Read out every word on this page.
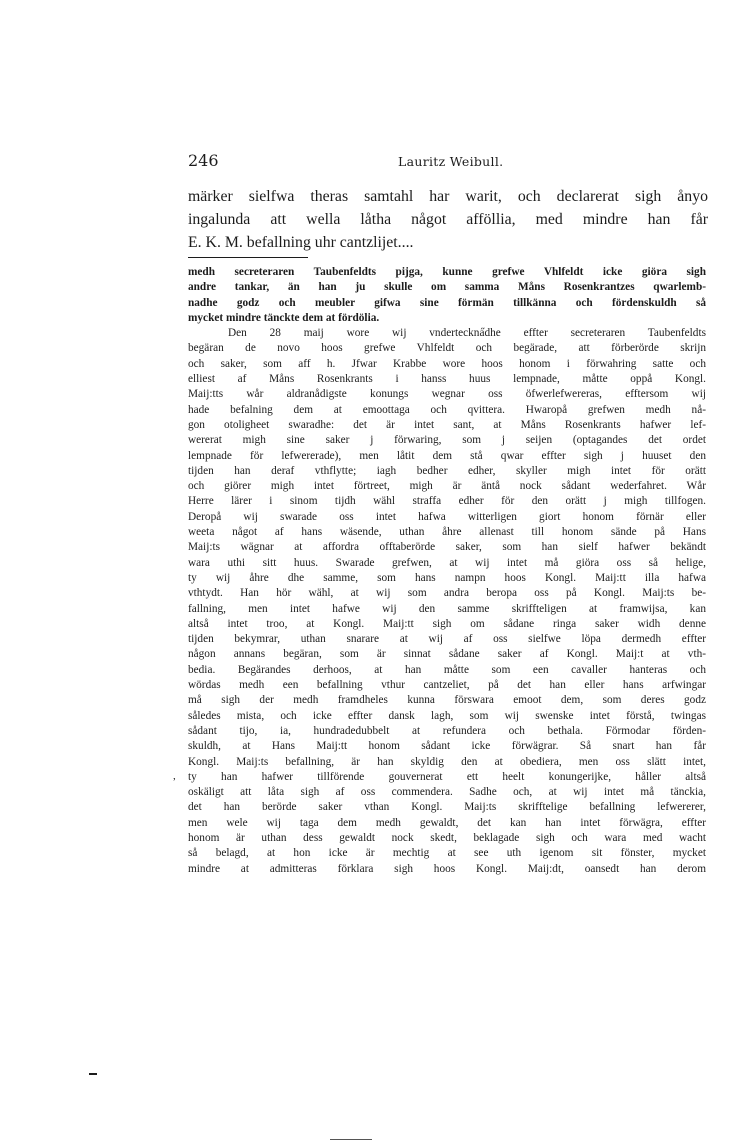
246	Lauritz Weibull.
märker sielfwa theras samtahl har warit, och declarerat sigh ånyo
ingalunda att wella låtha något afföllia, med mindre han får
E. K. M. befallning uhr cantzlijet....
medh secreteraren Taubenfeldts pijga, kunne grefwe Vhlfeldt icke giöra sigh
andre tankar, än han ju skulle om samma Måns Rosenkrantzes qwarlemb-
nadhe godz och meubler gifwa sine förmän tillkänna och fördenskuldh så
mycket mindre tänckte dem at fördölia.
Den 28 maij wore wij vnderteckna̋dhe effter secreteraren Taubenfeldts
begäran de novo hoos grefwe Vhlfeldt och begärade, att förberörde skrijn
och saker, som aff h. Jfwar Krabbe wore hoos honom i förwahring satte och
elliest af Måns Rosenkrants i hanss huus lempnade, måtte oppå Kongl.
Maij:tts wår aldranådigste konungs wegnar oss öfwerlefwereras, efftersom wij
hade befalning dem at emoottaga och qvittera. Hwaropå grefwen medh nå-
gon otoligheet swaradhe: det är intet sant, at Måns Rosenkrants hafwer lef-
wererat migh sine saker j förwaring, som j seijen (optagandes det ordet
lempnade för lefwererade), men låtit dem stå qwar effter sigh j huuset den
tijden han deraf vthflytte; iagh bedher edher, skyller migh intet för orätt
och giörer migh intet förtreet, migh är äntå nock sådant wederfahret. Wår
Herre lärer i sinom tijdh wähl straffa edher för den orätt j migh tillfogen.
Deropå wij swarade oss intet hafwa witterligen giort honom förnär eller
weeta något af hans wäsende, uthan åhre allenast till honom sände på Hans
Maij:ts wägnar at affordra offtaberörde saker, som han sielf hafwer bekändt
wara uthi sitt huus. Swarade grefwen, at wij intet må giöra oss så helige,
ty wij åhre dhe samme, som hans nampn hoos Kongl. Maij:tt illa hafwa
vthtydt. Han hör wähl, at wij som andra beropa oss på Kongl. Maij:ts be-
fallning, men intet hafwe wij den samme skriffteligen at framwijsa, kan
altså intet troo, at Kongl. Maij:tt sigh om sådane ringa saker widh denne
tijden bekymrar, uthan snarare at wij af oss sielfwe löpa dermedh effter
någon annans begäran, som är sinnat sådane saker af Kongl. Maij:t at vth-
bedia. Begärandes derhoos, at han måtte som een cavaller hanteras och
wördas medh een befallning vthur cantzeliet, på det han eller hans arfwingar
må sigh der medh framdheles kunna förswara emoot dem, som deres godz
således mista, och icke effter dansk lagh, som wij swenske intet förstå, twingas
sådant tijo, ia, hundradedubbelt at refundera och bethala. Förmodar förden-
skuldh, at Hans Maij:tt honom sådant icke förwägrar. Så snart han får
Kongl. Maij:ts befallning, är han skyldig den at obediera, men oss slätt intet,
ty han hafwer tillförende gouvernerat ett heelt konungerijke, håller altså
oskäligt att låta sigh af oss commendera. Sadhe och, at wij intet må tänckia,
det han berörde saker vthan Kongl. Maij:ts skrifftelige befallning lefwererer,
men wele wij taga dem medh gewaldt, det kan han intet förwägra, effter
honom är uthan dess gewaldt nock skedt, beklagade sigh och wara med wacht
så belagd, at hon icke är mechtig at see uth igenom sit fönster, mycket
mindre at admitteras förklara sigh hoos Kongl. Maij:dt, oansedt han derom
,
